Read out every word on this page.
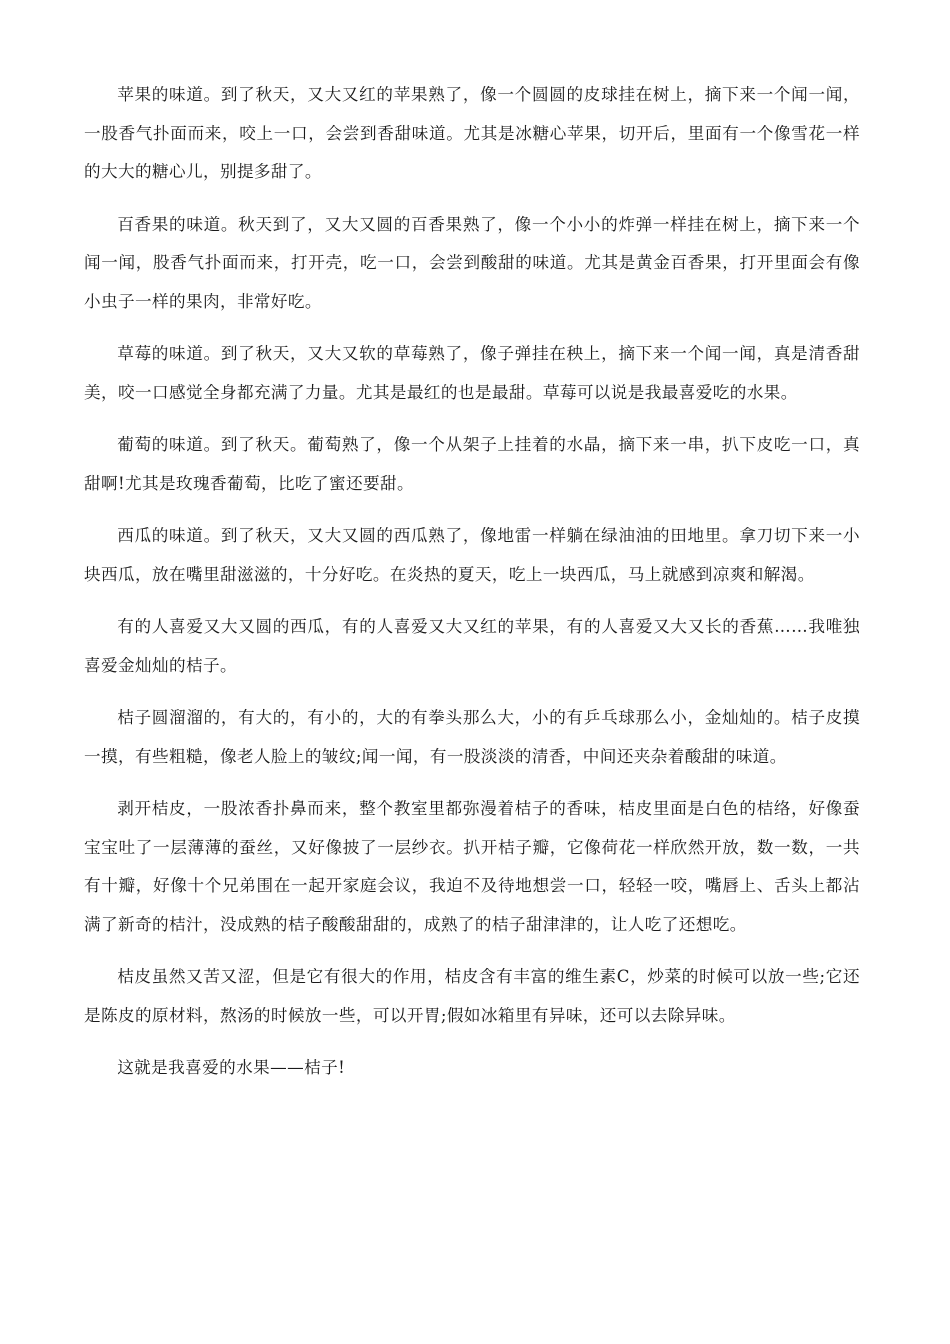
苹果的味道。到了秋天，又大又红的苹果熟了，像一个圆圆的皮球挂在树上，摘下来一个闻一闻，一股香气扑面而来，咬上一口，会尝到香甜味道。尤其是冰糖心苹果，切开后，里面有一个像雪花一样的大大的糖心儿，别提多甜了。

百香果的味道。秋天到了，又大又圆的百香果熟了，像一个小小的炸弹一样挂在树上，摘下来一个闻一闻，股香气扑面而来，打开壳，吃一口，会尝到酸甜的味道。尤其是黄金百香果，打开里面会有像小虫子一样的果肉，非常好吃。

草莓的味道。到了秋天，又大又软的草莓熟了，像子弹挂在秧上，摘下来一个闻一闻，真是清香甜美，咬一口感觉全身都充满了力量。尤其是最红的也是最甜。草莓可以说是我最喜爱吃的水果。

葡萄的味道。到了秋天。葡萄熟了，像一个从架子上挂着的水晶，摘下来一串，扒下皮吃一口，真甜啊!尤其是玫瑰香葡萄，比吃了蜜还要甜。

西瓜的味道。到了秋天，又大又圆的西瓜熟了，像地雷一样躺在绿油油的田地里。拿刀切下来一小块西瓜，放在嘴里甜滋滋的，十分好吃。在炎热的夏天，吃上一块西瓜，马上就感到凉爽和解渴。

有的人喜爱又大又圆的西瓜，有的人喜爱又大又红的苹果，有的人喜爱又大又长的香蕉……我唯独喜爱金灿灿的桔子。

桔子圆溜溜的，有大的，有小的，大的有拳头那么大，小的有乒乓球那么小，金灿灿的。桔子皮摸一摸，有些粗糙，像老人脸上的皱纹;闻一闻，有一股淡淡的清香，中间还夹杂着酸甜的味道。

剥开桔皮，一股浓香扑鼻而来，整个教室里都弥漫着桔子的香味，桔皮里面是白色的桔络，好像蚕宝宝吐了一层薄薄的蚕丝，又好像披了一层纱衣。扒开桔子瓣，它像荷花一样欣然开放，数一数，一共有十瓣，好像十个兄弟围在一起开家庭会议，我迫不及待地想尝一口，轻轻一咬，嘴唇上、舌头上都沾满了新奇的桔汁，没成熟的桔子酸酸甜甜的，成熟了的桔子甜津津的，让人吃了还想吃。

桔皮虽然又苦又涩，但是它有很大的作用，桔皮含有丰富的维生素C，炒菜的时候可以放一些;它还是陈皮的原材料，熬汤的时候放一些，可以开胃;假如冰箱里有异味，还可以去除异味。

这就是我喜爱的水果——桔子!
